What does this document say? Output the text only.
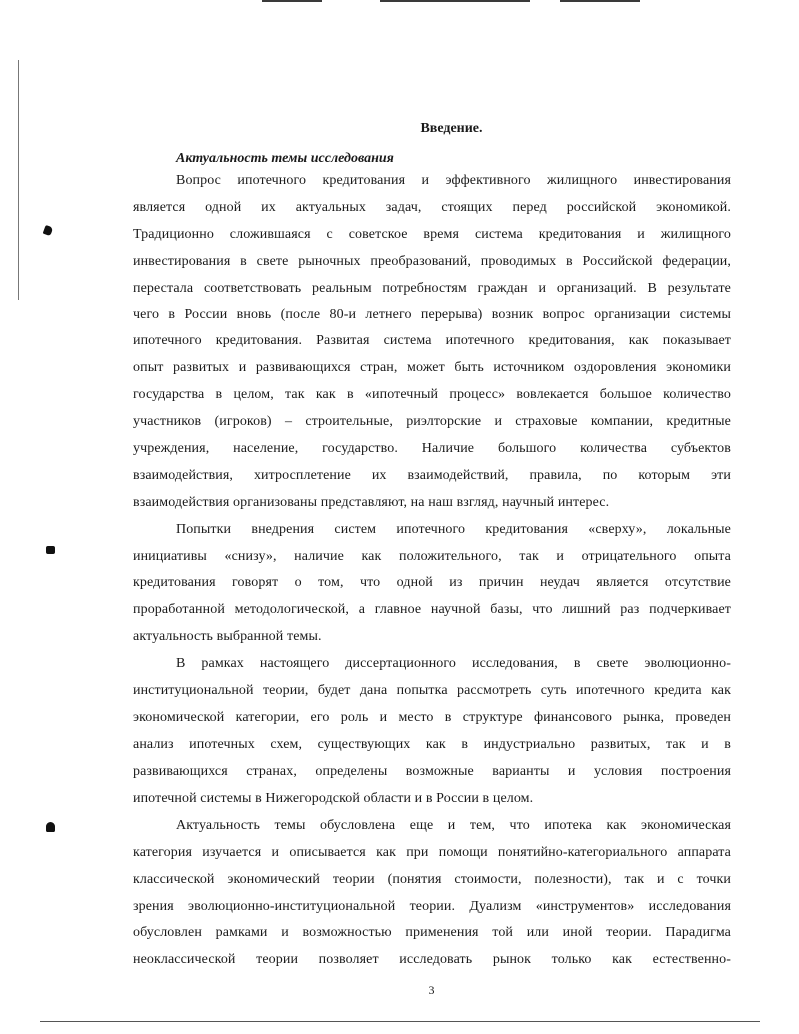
Введение.
Актуальность темы исследования
Вопрос ипотечного кредитования и эффективного жилищного инвестирования
является одной их актуальных задач, стоящих перед российской экономикой.
Традиционно сложившаяся с советское время система кредитования и жилищного
инвестирования в свете рыночных преобразований, проводимых в Российской федерации,
перестала соответствовать реальным потребностям граждан и организаций. В результате
чего в России вновь (после 80-и летнего перерыва) возник вопрос организации системы
ипотечного кредитования. Развитая система ипотечного кредитования, как показывает
опыт развитых и развивающихся стран, может быть источником оздоровления экономики
государства в целом, так как в «ипотечный процесс» вовлекается большое количество
участников (игроков) – строительные, риэлторские и страховые компании, кредитные
учреждения, население, государство. Наличие большого количества субъектов
взаимодействия, хитросплетение их взаимодействий, правила, по которым эти
взаимодействия организованы представляют, на наш взгляд, научный интерес.
Попытки внедрения систем ипотечного кредитования «сверху», локальные
инициативы «снизу», наличие как положительного, так и отрицательного опыта
кредитования говорят о том, что одной из причин неудач является отсутствие
проработанной методологической, а главное научной базы, что лишний раз подчеркивает
актуальность выбранной темы.
В рамках настоящего диссертационного исследования, в свете эволюционно-
институциональной теории, будет дана попытка рассмотреть суть ипотечного кредита как
экономической категории, его роль и место в структуре финансового рынка, проведен
анализ ипотечных схем, существующих как в индустриально развитых, так и в
развивающихся странах, определены возможные варианты и условия построения
ипотечной системы в Нижегородской области и в России в целом.
Актуальность темы обусловлена еще и тем, что ипотека как экономическая
категория изучается и описывается как при помощи понятийно-категориального аппарата
классической экономический теории (понятия стоимости, полезности), так и с точки
зрения эволюционно-институциональной теории. Дуализм «инструментов» исследования
обусловлен рамками и возможностью применения той или иной теории. Парадигма
неоклассической теории позволяет исследовать рынок только как естественно-
3
